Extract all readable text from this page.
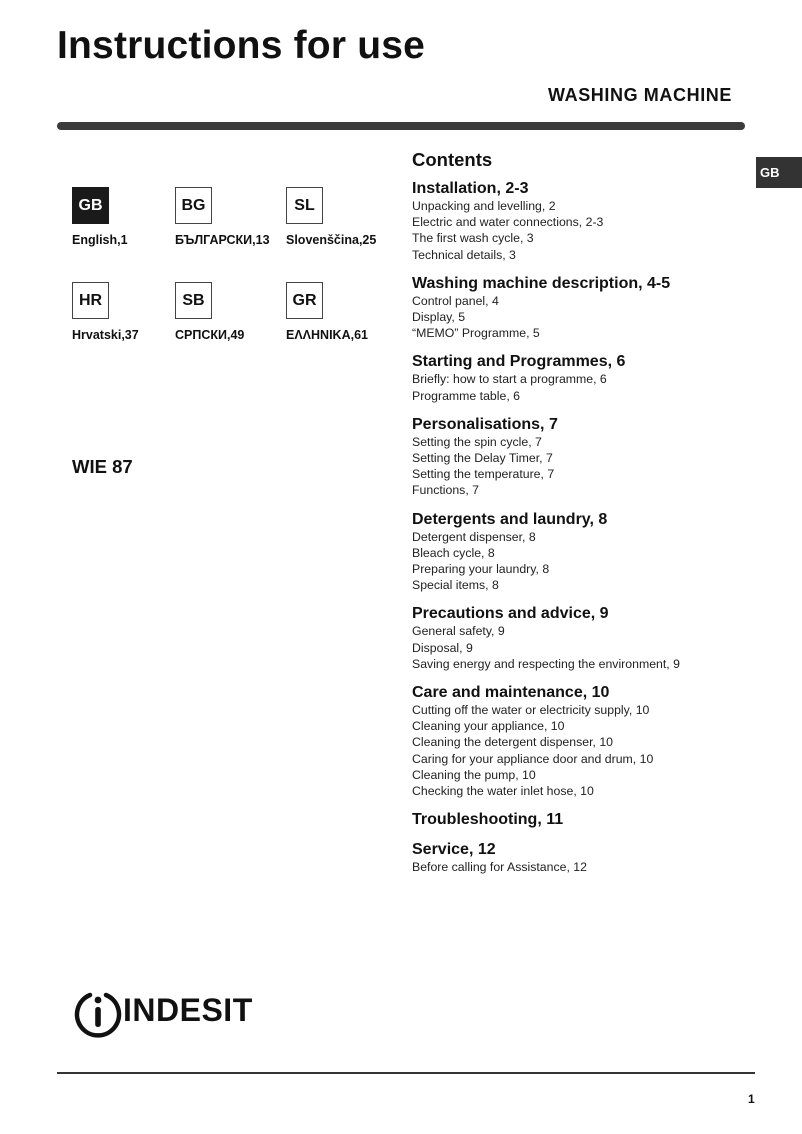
Instructions for use
WASHING MACHINE
GB
GB
English,1
BG
БЪЛГАРСКИ,13
SL
Slovenščina,25
HR
Hrvatski,37
SB
СРПСКИ,49
GR
ΕΛΛΗΝΙΚΑ,61
WIE 87
Contents
Installation, 2-3
Unpacking and levelling, 2
Electric and water connections, 2-3
The first wash cycle, 3
Technical details, 3
Washing machine description, 4-5
Control panel, 4
Display, 5
“MEMO” Programme, 5
Starting and Programmes, 6
Briefly: how to start a programme, 6
Programme table, 6
Personalisations, 7
Setting the spin cycle, 7
Setting the Delay Timer, 7
Setting the temperature, 7
Functions, 7
Detergents and laundry, 8
Detergent dispenser, 8
Bleach cycle, 8
Preparing your laundry, 8
Special items, 8
Precautions and advice, 9
General safety, 9
Disposal, 9
Saving energy and respecting the environment, 9
Care and maintenance, 10
Cutting off the water or electricity supply, 10
Cleaning your appliance, 10
Cleaning the detergent dispenser, 10
Caring for your appliance door and drum, 10
Cleaning the pump, 10
Checking the water inlet hose, 10
Troubleshooting, 11
Service, 12
Before calling for Assistance, 12
INDESIT
1
